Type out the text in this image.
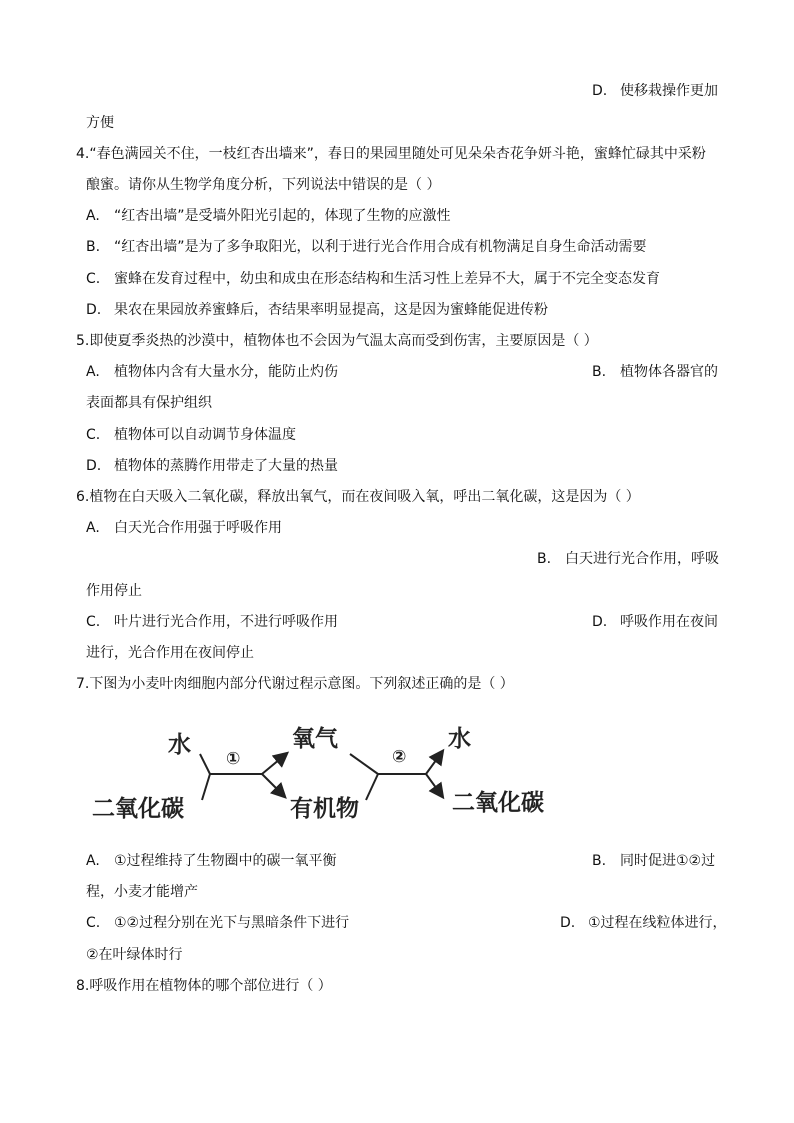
D. 使移栽操作更加
方便
4.“春色满园关不住，一枝红杏出墙来”，春日的果园里随处可见朵朵杏花争妍斗艳，蜜蜂忙碌其中采粉
酿蜜。请你从生物学角度分析，下列说法中错误的是（ ）
A. “红杏出墙”是受墙外阳光引起的，体现了生物的应激性
B. “红杏出墙”是为了多争取阳光，以利于进行光合作用合成有机物满足自身生命活动需要
C. 蜜蜂在发育过程中，幼虫和成虫在形态结构和生活习性上差异不大，属于不完全变态发育
D. 果农在果园放养蜜蜂后，杏结果率明显提高，这是因为蜜蜂能促进传粉
5.即使夏季炎热的沙漠中，植物体也不会因为气温太高而受到伤害，主要原因是（ ）
A. 植物体内含有大量水分，能防止灼伤	B. 植物体各器官的
表面都具有保护组织
C. 植物体可以自动调节身体温度
D. 植物体的蒸腾作用带走了大量的热量
6.植物在白天吸入二氧化碳，释放出氧气，而在夜间吸入氧，呼出二氧化碳，这是因为（ ）
A. 白天光合作用强于呼吸作用
B. 白天进行光合作用，呼吸
作用停止
C. 叶片进行光合作用，不进行呼吸作用	D. 呼吸作用在夜间
进行，光合作用在夜间停止
7.下图为小麦叶肉细胞内部分代谢过程示意图。下列叙述正确的是（ ）
水
二氧化碳
①
氧气
有机物
②
水
二氧化碳
A. ①过程维持了生物圈中的碳一氧平衡	B. 同时促进①②过
程，小麦才能增产
C. ①②过程分别在光下与黑暗条件下进行	D. ①过程在线粒体进行，
②在叶绿体时行
8.呼吸作用在植物体的哪个部位进行（ ）
